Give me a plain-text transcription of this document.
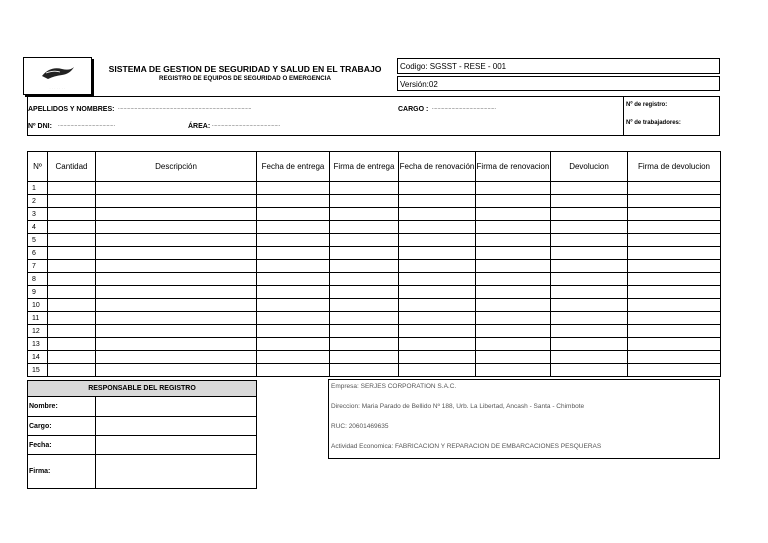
· · · · · · ·
SISTEMA DE GESTION DE SEGURIDAD Y SALUD EN EL TRABAJO
REGISTRO DE EQUIPOS DE SEGURIDAD O EMERGENCIA
Codigo: SGSST - RESE - 001
Versión:02
APELLIDOS Y NOMBRES: ................................................................................................	CARGO : ..............................................
Nº DNI: .........................................	ÁREA: .................................................
Nº de registro:
Nº de trabajadores:
Nº	Cantidad	Descripción	Fecha de entrega	Firma de entrega	Fecha de renovación	Firma de renovacion	Devolucion	Firma de devolucion
1								
2								
3								
4								
5								
6								
7								
8								
9								
10								
11								
12								
13								
14								
15								
RESPONSABLE DEL REGISTRO	
Nombre:	
Cargo:	
Fecha:	
Firma:	
Empresa: SERJES CORPORATION S.A.C.
Direccion: Maria Parado de Bellido Nº 188, Urb. La Libertad, Ancash - Santa - Chimbote
RUC: 20601469635
Actividad Economica: FABRICACION Y REPARACION DE EMBARCACIONES PESQUERAS
